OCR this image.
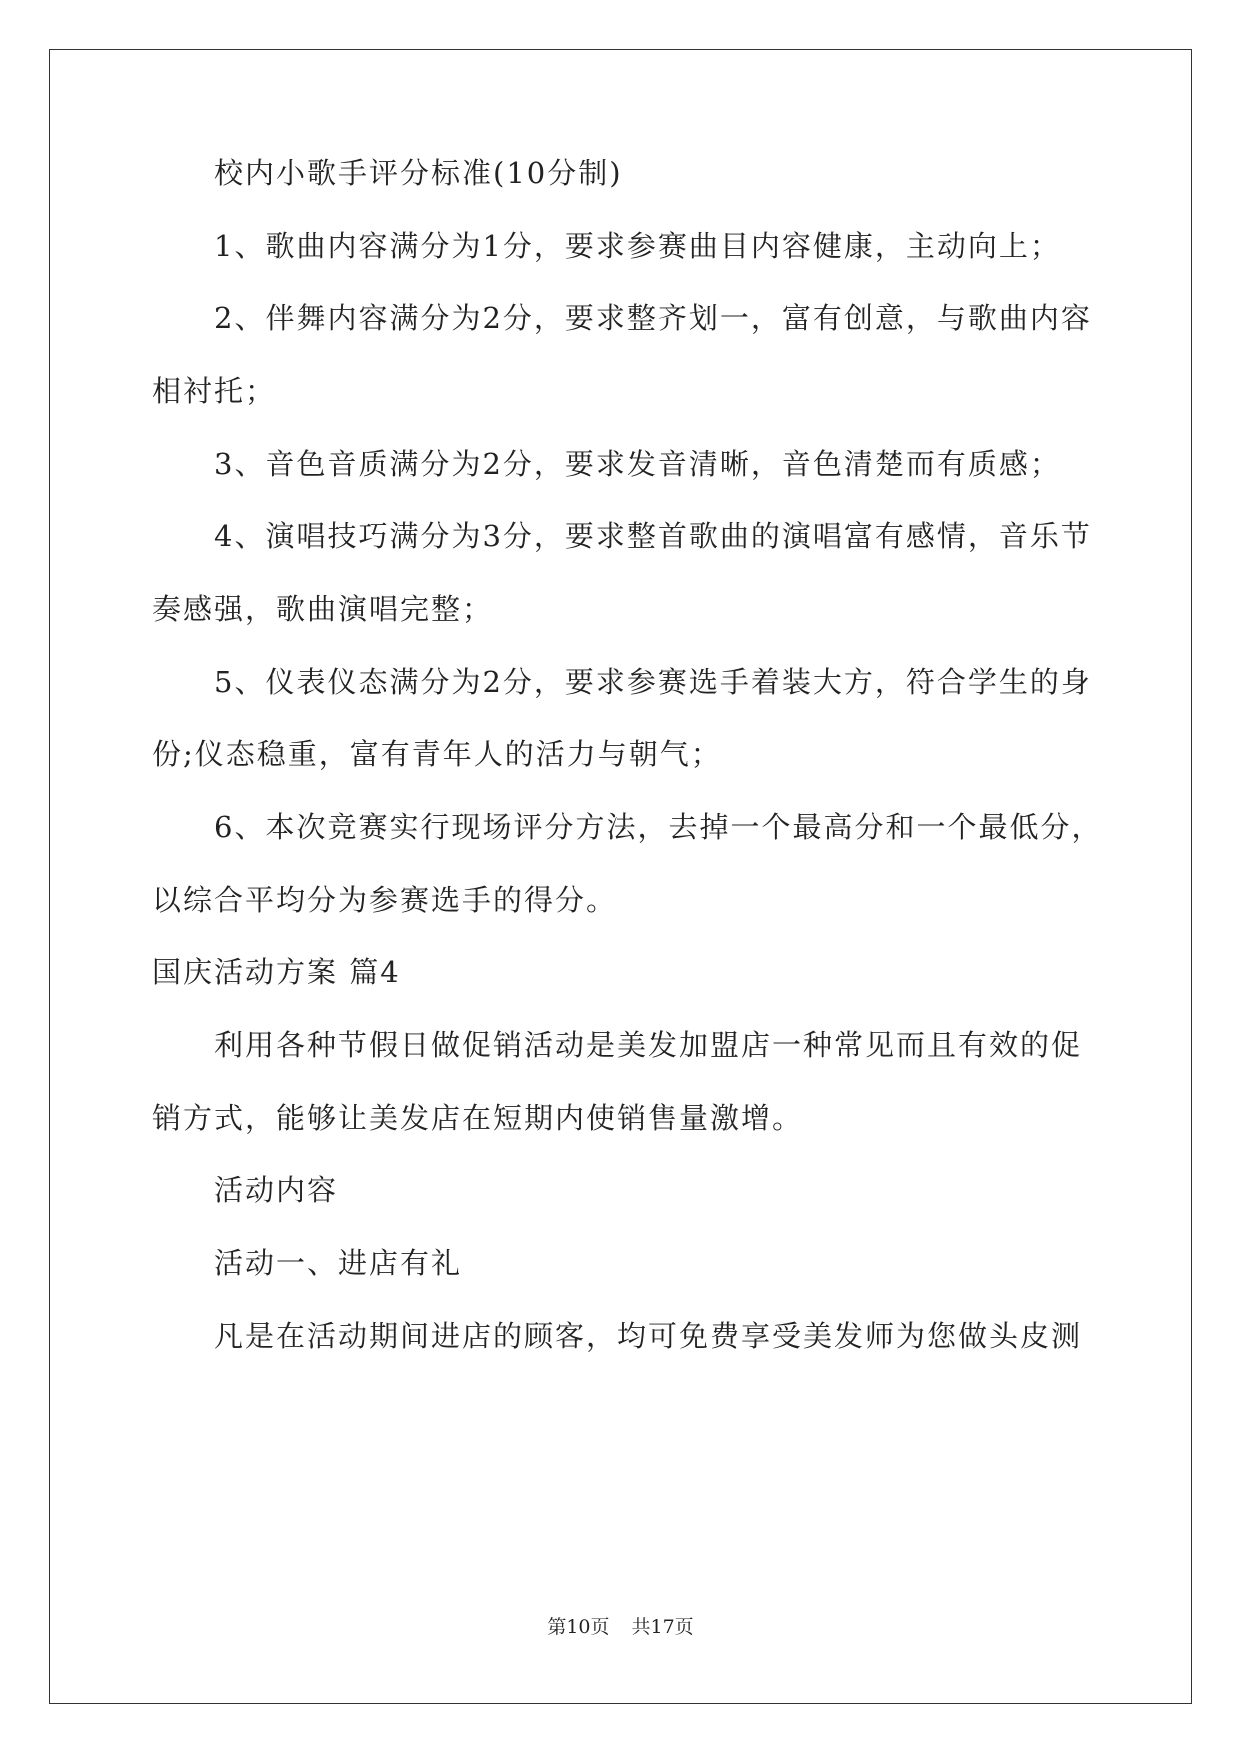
校内小歌手评分标准(10分制)
1、歌曲内容满分为1分，要求参赛曲目内容健康，主动向上；
2、伴舞内容满分为2分，要求整齐划一，富有创意，与歌曲内容
相衬托；
3、音色音质满分为2分，要求发音清晰，音色清楚而有质感；
4、演唱技巧满分为3分，要求整首歌曲的演唱富有感情，音乐节
奏感强，歌曲演唱完整；
5、仪表仪态满分为2分，要求参赛选手着装大方，符合学生的身
份;仪态稳重，富有青年人的活力与朝气；
6、本次竞赛实行现场评分方法，去掉一个最高分和一个最低分，
以综合平均分为参赛选手的得分。
国庆活动方案 篇4
利用各种节假日做促销活动是美发加盟店一种常见而且有效的促
销方式，能够让美发店在短期内使销售量激增。
活动内容
活动一、进店有礼
凡是在活动期间进店的顾客，均可免费享受美发师为您做头皮测
第10页 共17页
